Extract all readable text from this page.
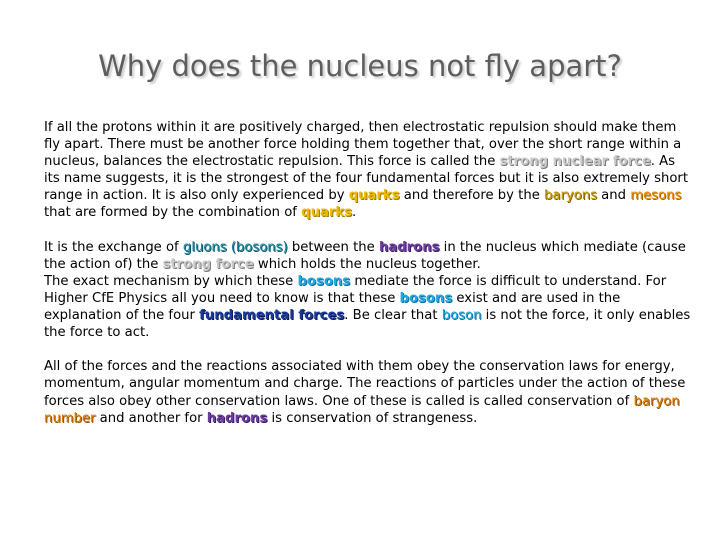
Why does the nucleus not fly apart?

If all the protons within it are positively charged, then electrostatic repulsion should make them fly apart. There must be another force holding them together that, over the short range within a nucleus, balances the electrostatic repulsion. This force is called the strong nuclear force. As its name suggests, it is the strongest of the four fundamental forces but it is also extremely short range in action. It is also only experienced by quarks and therefore by the baryons and mesons that are formed by the combination of quarks.

It is the exchange of gluons (bosons) between the hadrons in the nucleus which mediate (cause the action of) the strong force which holds the nucleus together.
The exact mechanism by which these bosons mediate the force is difficult to understand. For Higher CfE Physics all you need to know is that these bosons exist and are used in the explanation of the four fundamental forces. Be clear that boson is not the force, it only enables the force to act.

All of the forces and the reactions associated with them obey the conservation laws for energy, momentum, angular momentum and charge. The reactions of particles under the action of these forces also obey other conservation laws. One of these is called is called conservation of baryon number and another for hadrons is conservation of strangeness.
